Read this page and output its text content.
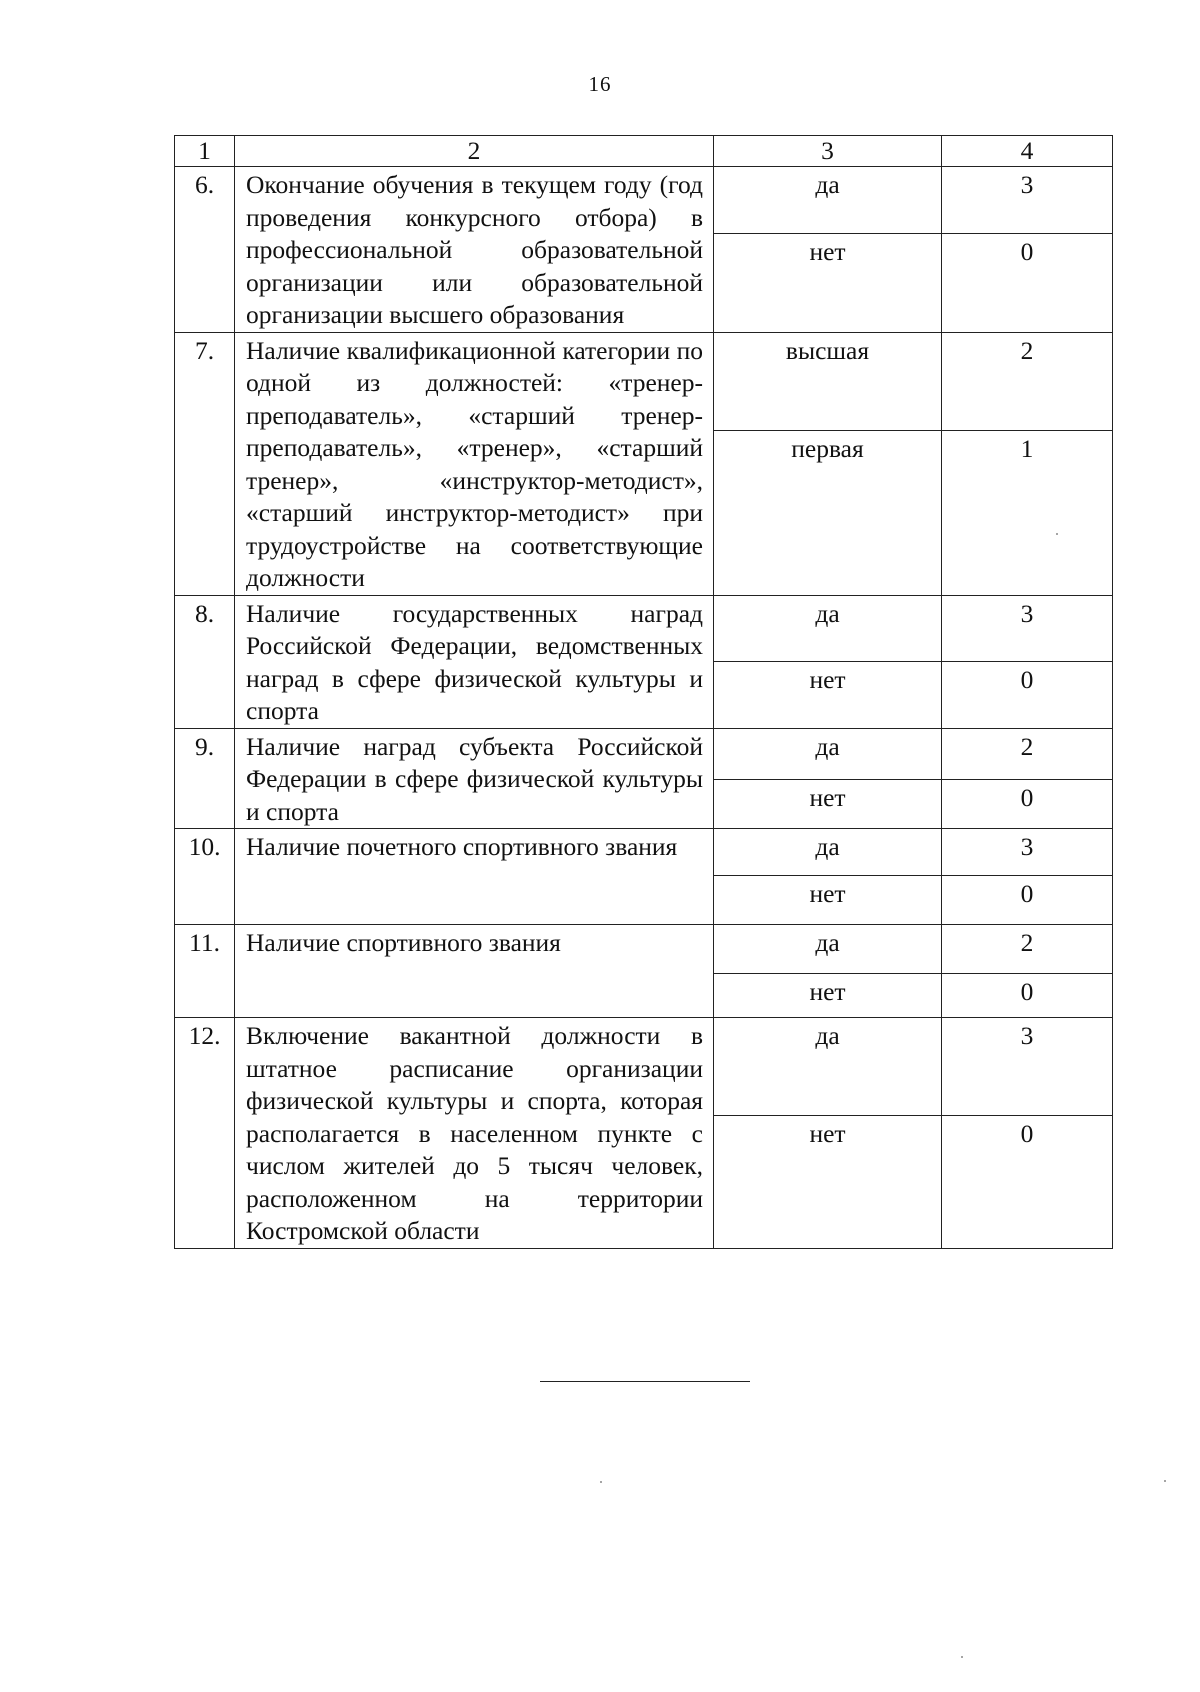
16
1	2	3	4
6.	Окончание обучения в текущем году (год проведения конкурсного отбора) в профессиональной образовательной организации или образовательной организации высшего образования	да	3
		нет	0
7.	Наличие квалификационной категории по одной из должностей: «тренер-преподаватель», «старший тренер-преподаватель», «тренер», «старший тренер», «инструктор-методист», «старший инструктор-методист» при трудоустройстве на соответствующие должности	высшая	2
		первая	1
8.	Наличие государственных наград Российской Федерации, ведомственных наград в сфере физической культуры и спорта	да	3
		нет	0
9.	Наличие наград субъекта Российской Федерации в сфере физической культуры и спорта	да	2
		нет	0
10.	Наличие почетного спортивного звания	да	3
		нет	0
11.	Наличие спортивного звания	да	2
		нет	0
12.	Включение вакантной должности в штатное расписание организации физической культуры и спорта, которая располагается в населенном пункте с числом жителей до 5 тысяч человек, расположенном на территории Костромской области	да	3
		нет	0
